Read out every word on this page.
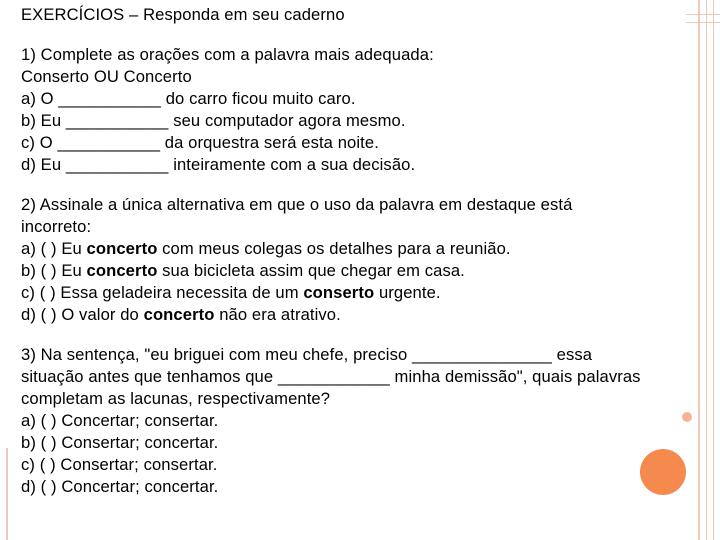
EXERCÍCIOS – Responda em seu caderno
1) Complete as orações com a palavra mais adequada:
Conserto OU Concerto
a) O ___________ do carro ficou muito caro.
b) Eu ___________ seu computador agora mesmo.
c) O ___________ da orquestra será esta noite.
d) Eu ___________ inteiramente com a sua decisão.
2) Assinale a única alternativa em que o uso da palavra em destaque está
incorreto:
a) ( ) Eu concerto com meus colegas os detalhes para a reunião.
b) ( ) Eu concerto sua bicicleta assim que chegar em casa.
c) ( ) Essa geladeira necessita de um conserto urgente.
d) ( ) O valor do concerto não era atrativo.
3) Na sentença, "eu briguei com meu chefe, preciso _______________ essa
situação antes que tenhamos que ____________ minha demissão", quais palavras
completam as lacunas, respectivamente?
a) ( ) Concertar; consertar.
b) ( ) Consertar; concertar.
c) ( ) Consertar; consertar.
d) ( ) Concertar; concertar.
